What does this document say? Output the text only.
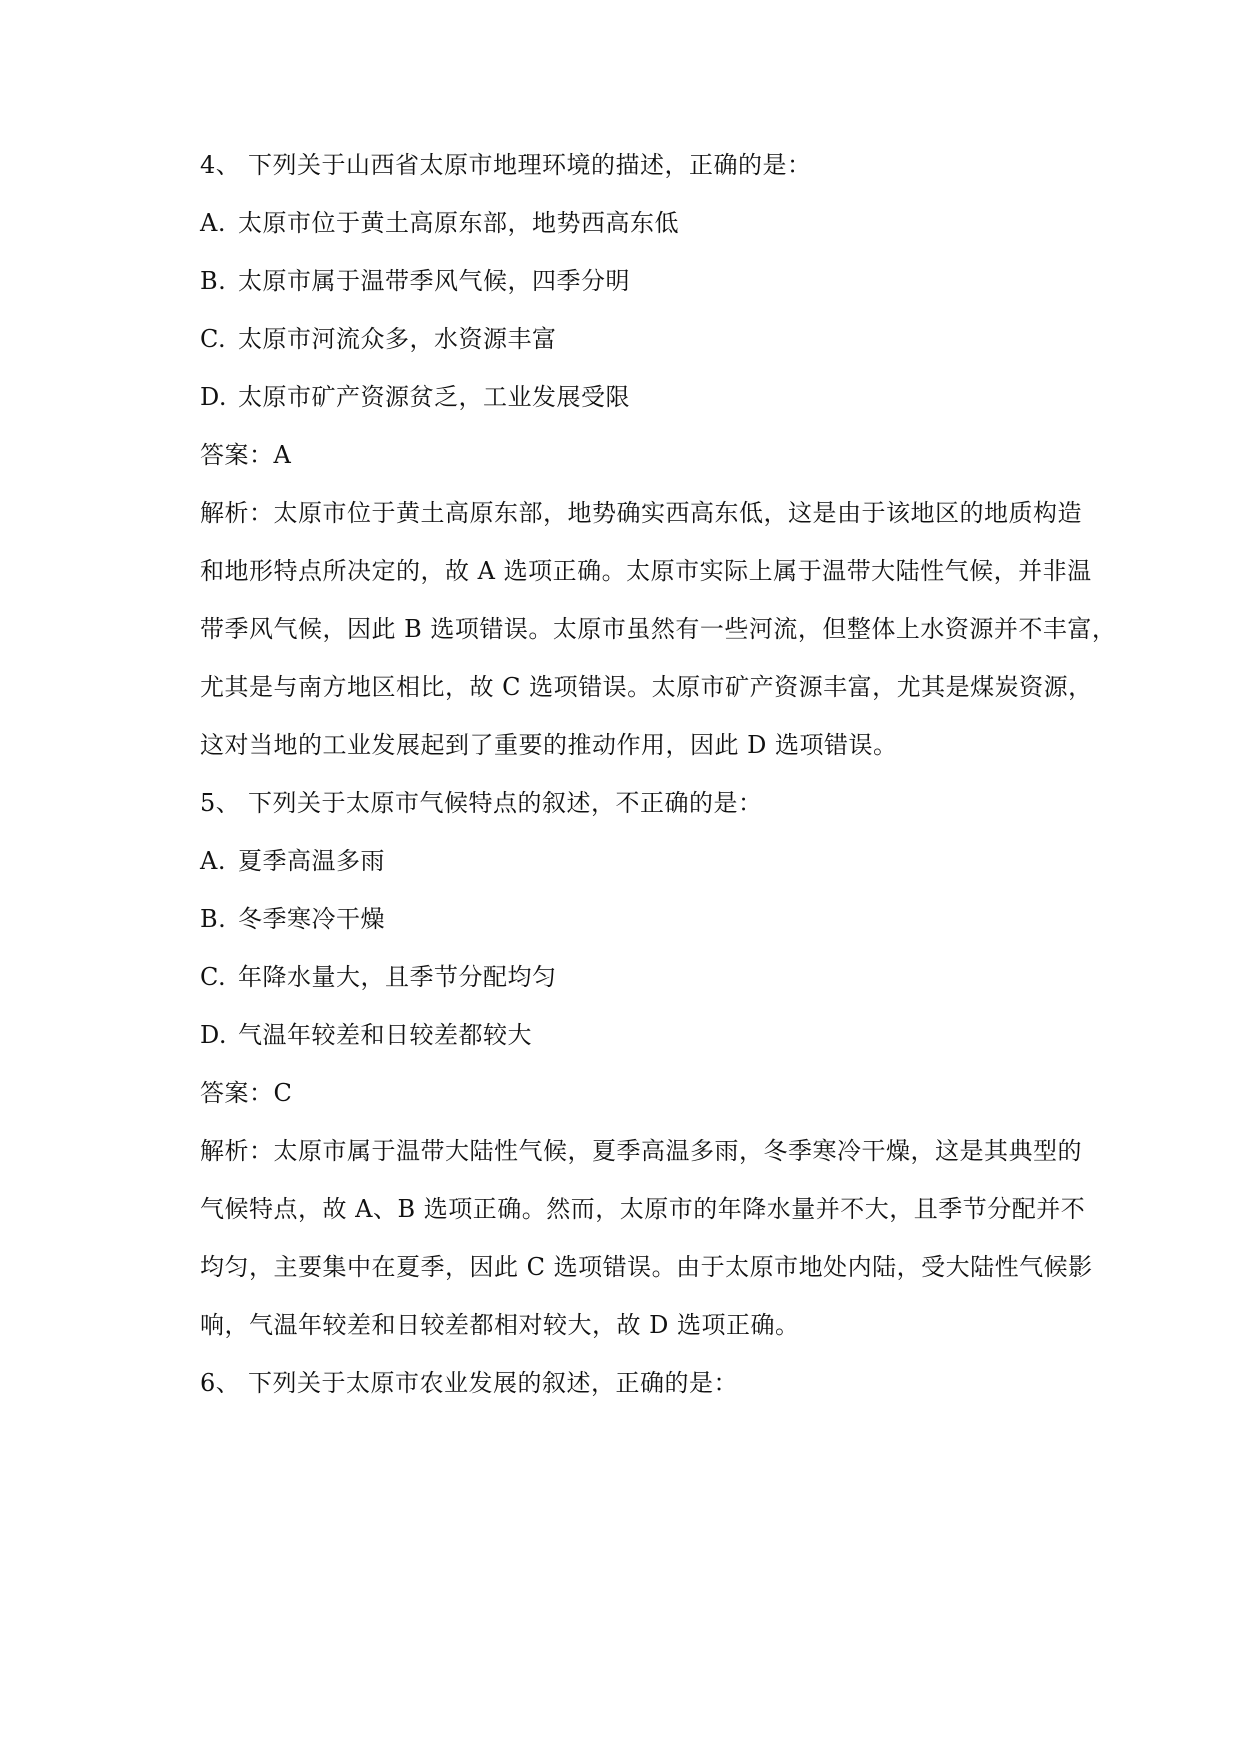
4、 下列关于山西省太原市地理环境的描述，正确的是：
A. 太原市位于黄土高原东部，地势西高东低
B. 太原市属于温带季风气候，四季分明
C. 太原市河流众多，水资源丰富
D. 太原市矿产资源贫乏，工业发展受限
答案：A
解析：太原市位于黄土高原东部，地势确实西高东低，这是由于该地区的地质构造
和地形特点所决定的，故 A 选项正确。太原市实际上属于温带大陆性气候，并非温
带季风气候，因此 B 选项错误。太原市虽然有一些河流，但整体上水资源并不丰富，
尤其是与南方地区相比，故 C 选项错误。太原市矿产资源丰富，尤其是煤炭资源，
这对当地的工业发展起到了重要的推动作用，因此 D 选项错误。
5、 下列关于太原市气候特点的叙述，不正确的是：
A. 夏季高温多雨
B. 冬季寒冷干燥
C. 年降水量大，且季节分配均匀
D. 气温年较差和日较差都较大
答案：C
解析：太原市属于温带大陆性气候，夏季高温多雨，冬季寒冷干燥，这是其典型的
气候特点，故 A、B 选项正确。然而，太原市的年降水量并不大，且季节分配并不
均匀，主要集中在夏季，因此 C 选项错误。由于太原市地处内陆，受大陆性气候影
响，气温年较差和日较差都相对较大，故 D 选项正确。
6、 下列关于太原市农业发展的叙述，正确的是：
